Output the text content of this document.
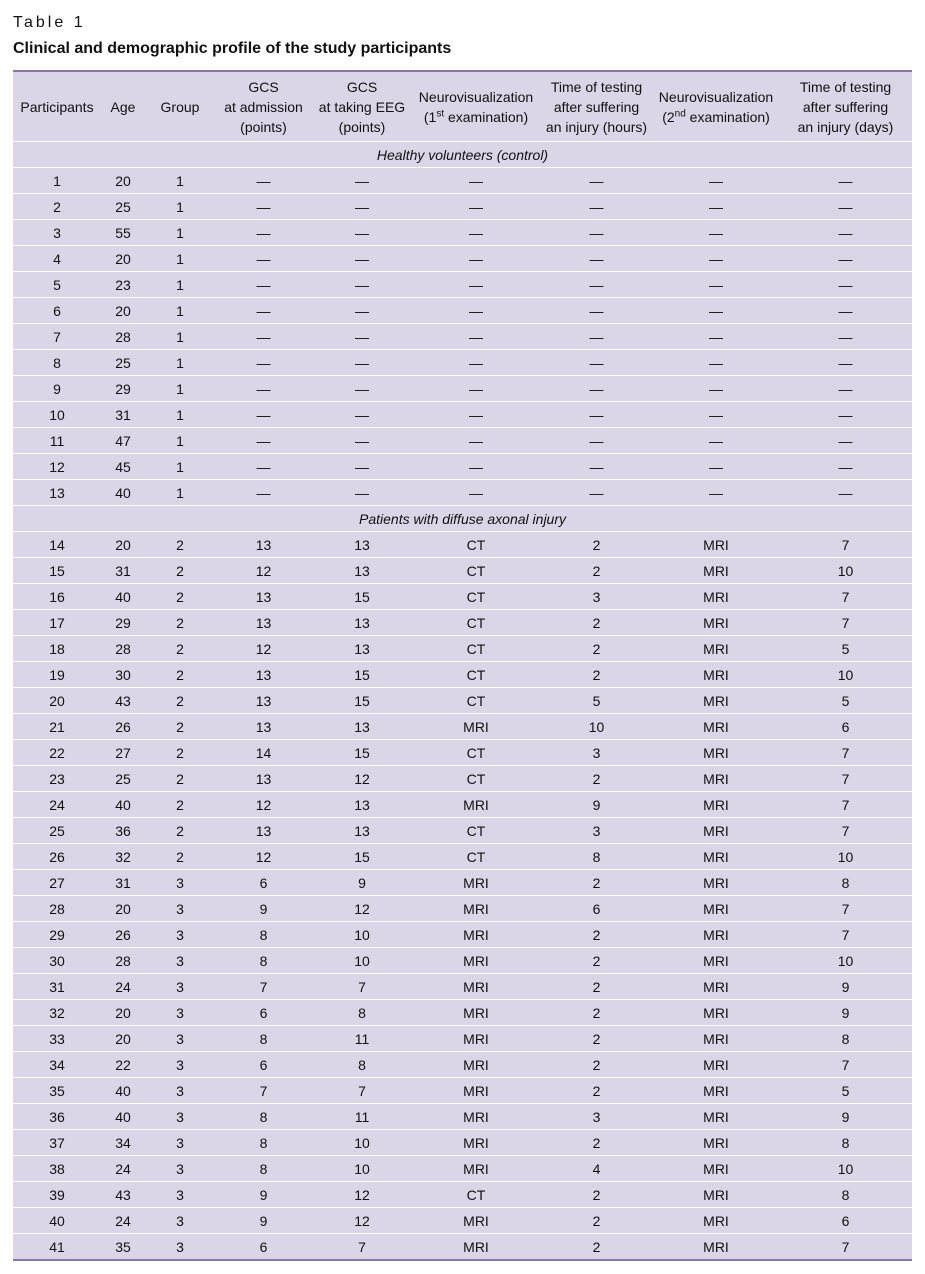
Table 1
Clinical and demographic profile of the study participants
Participants	Age	Group	GCS
at admission
(points)	GCS
at taking EEG
(points)	Neurovisualization
(1st examination)	Time of testing
after suffering
an injury (hours)	Neurovisualization
(2nd examination)	Time of testing
after suffering
an injury (days)
Healthy volunteers (control)								
1	20	1	—	—	—	—	—	—
2	25	1	—	—	—	—	—	—
3	55	1	—	—	—	—	—	—
4	20	1	—	—	—	—	—	—
5	23	1	—	—	—	—	—	—
6	20	1	—	—	—	—	—	—
7	28	1	—	—	—	—	—	—
8	25	1	—	—	—	—	—	—
9	29	1	—	—	—	—	—	—
10	31	1	—	—	—	—	—	—
11	47	1	—	—	—	—	—	—
12	45	1	—	—	—	—	—	—
13	40	1	—	—	—	—	—	—
Patients with diffuse axonal injury								
14	20	2	13	13	CT	2	MRI	7
15	31	2	12	13	CT	2	MRI	10
16	40	2	13	15	CT	3	MRI	7
17	29	2	13	13	CT	2	MRI	7
18	28	2	12	13	CT	2	MRI	5
19	30	2	13	15	CT	2	MRI	10
20	43	2	13	15	CT	5	MRI	5
21	26	2	13	13	MRI	10	MRI	6
22	27	2	14	15	CT	3	MRI	7
23	25	2	13	12	CT	2	MRI	7
24	40	2	12	13	MRI	9	MRI	7
25	36	2	13	13	CT	3	MRI	7
26	32	2	12	15	CT	8	MRI	10
27	31	3	6	9	MRI	2	MRI	8
28	20	3	9	12	MRI	6	MRI	7
29	26	3	8	10	MRI	2	MRI	7
30	28	3	8	10	MRI	2	MRI	10
31	24	3	7	7	MRI	2	MRI	9
32	20	3	6	8	MRI	2	MRI	9
33	20	3	8	11	MRI	2	MRI	8
34	22	3	6	8	MRI	2	MRI	7
35	40	3	7	7	MRI	2	MRI	5
36	40	3	8	11	MRI	3	MRI	9
37	34	3	8	10	MRI	2	MRI	8
38	24	3	8	10	MRI	4	MRI	10
39	43	3	9	12	CT	2	MRI	8
40	24	3	9	12	MRI	2	MRI	6
41	35	3	6	7	MRI	2	MRI	7
